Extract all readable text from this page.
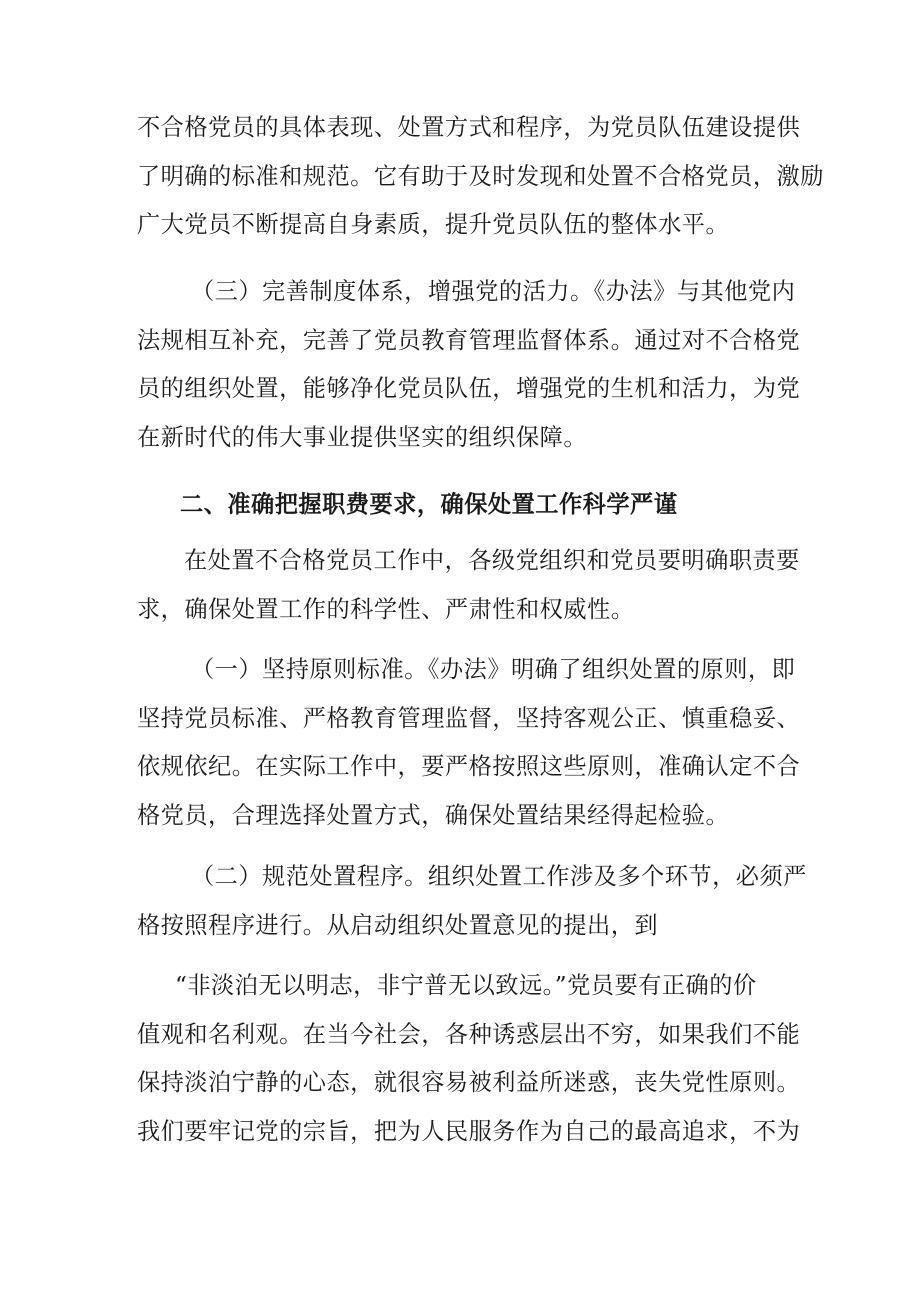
不合格党员的具体表现、处置方式和程序，为党员队伍建设提供
了明确的标准和规范。它有助于及时发现和处置不合格党员，激励
广大党员不断提高自身素质，提升党员队伍的整体水平。

（三）完善制度体系，增强党的活力。《办法》与其他党内
法规相互补充，完善了党员教育管理监督体系。通过对不合格党
员的组织处置，能够净化党员队伍，增强党的生机和活力，为党
在新时代的伟大事业提供坚实的组织保障。

二、准确把握职费要求，确保处置工作科学严谨

在处置不合格党员工作中，各级党组织和党员要明确职责要
求，确保处置工作的科学性、严肃性和权威性。

（一）坚持原则标准。《办法》明确了组织处置的原则，即
坚持党员标准、严格教育管理监督，坚持客观公正、慎重稳妥、
依规依纪。在实际工作中，要严格按照这些原则，准确认定不合
格党员，合理选择处置方式，确保处置结果经得起检验。

（二）规范处置程序。组织处置工作涉及多个环节，必须严
格按照程序进行。从启动组织处置意见的提出，到

“非淡泊无以明志，非宁普无以致远。”党员要有正确的价
值观和名利观。在当今社会，各种诱惑层出不穷，如果我们不能
保持淡泊宁静的心态，就很容易被利益所迷惑，丧失党性原则。
我们要牢记党的宗旨，把为人民服务作为自己的最高追求，不为
